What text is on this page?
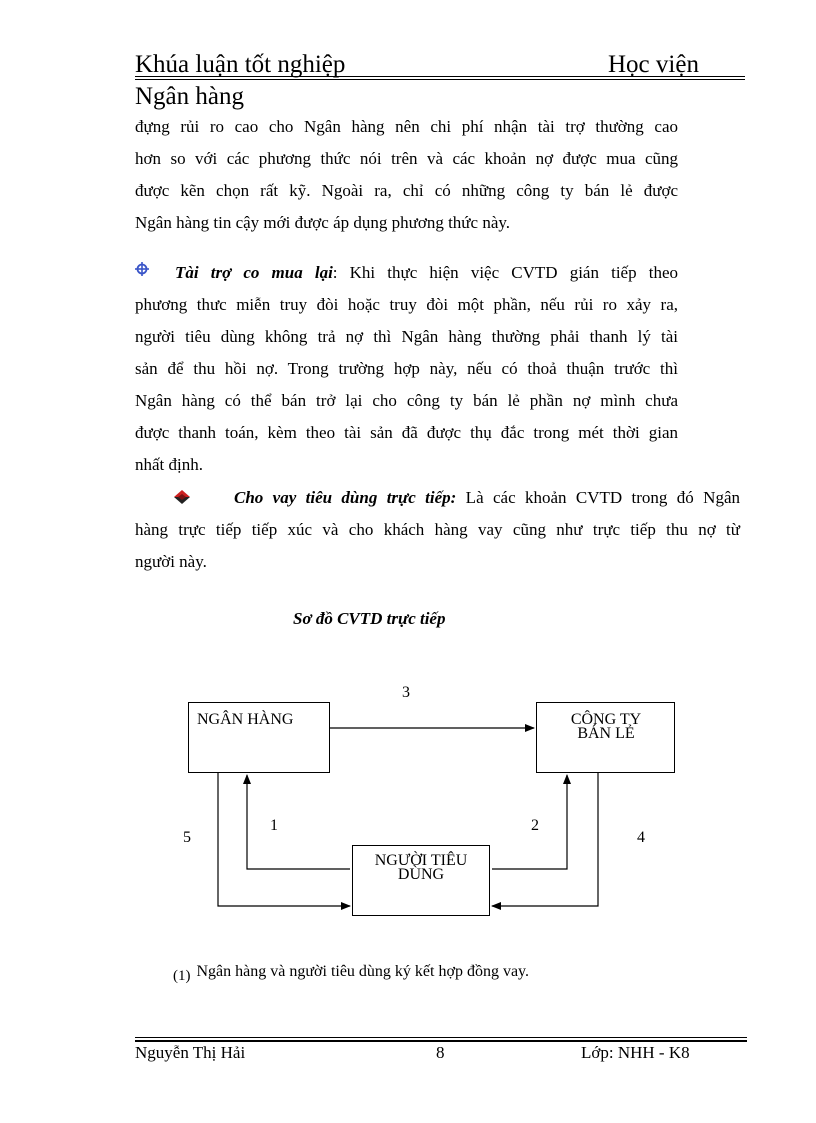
Khúa luận tốt nghiệp	Học viện
Ngân hàng
đựng rủi ro cao cho Ngân hàng nên chi phí nhận tài trợ thường cao
hơn so với các phương thức nói trên và các khoản nợ được mua cũng
được kẽn chọn rất kỹ. Ngoài ra, chỉ có những công ty bán lẻ được
Ngân hàng tin cậy mới được áp dụng phương thức này.
Tài trợ co mua lại: Khi thực hiện việc CVTD gián tiếp theo
phương thưc miễn truy đòi hoặc truy đòi một phần, nếu rủi ro xảy ra,
người tiêu dùng không trả nợ thì Ngân hàng thường phải thanh lý tài
sản để thu hồi nợ. Trong trường hợp này, nếu có thoả thuận trước thì
Ngân hàng có thể bán trở lại cho công ty bán lẻ phần nợ mình chưa
được thanh toán, kèm theo tài sản đã được thụ đắc trong mét thời gian
nhất định.
Cho vay tiêu dùng trực tiếp: Là các khoản CVTD trong đó Ngân
hàng trực tiếp tiếp xúc và cho khách hàng vay cũng như trực tiếp thu nợ từ
người này.
Sơ đồ CVTD trực tiếp
NGÂN HÀNG	CÔNG TY
BÁN LẺ
NGƯỜI TIÊU
DÙNG
5
1
3
2
4
(1) Ngân hàng và người tiêu dùng ký kết hợp đồng vay.
Nguyễn Thị Hải	8	Lớp: NHH - K8
